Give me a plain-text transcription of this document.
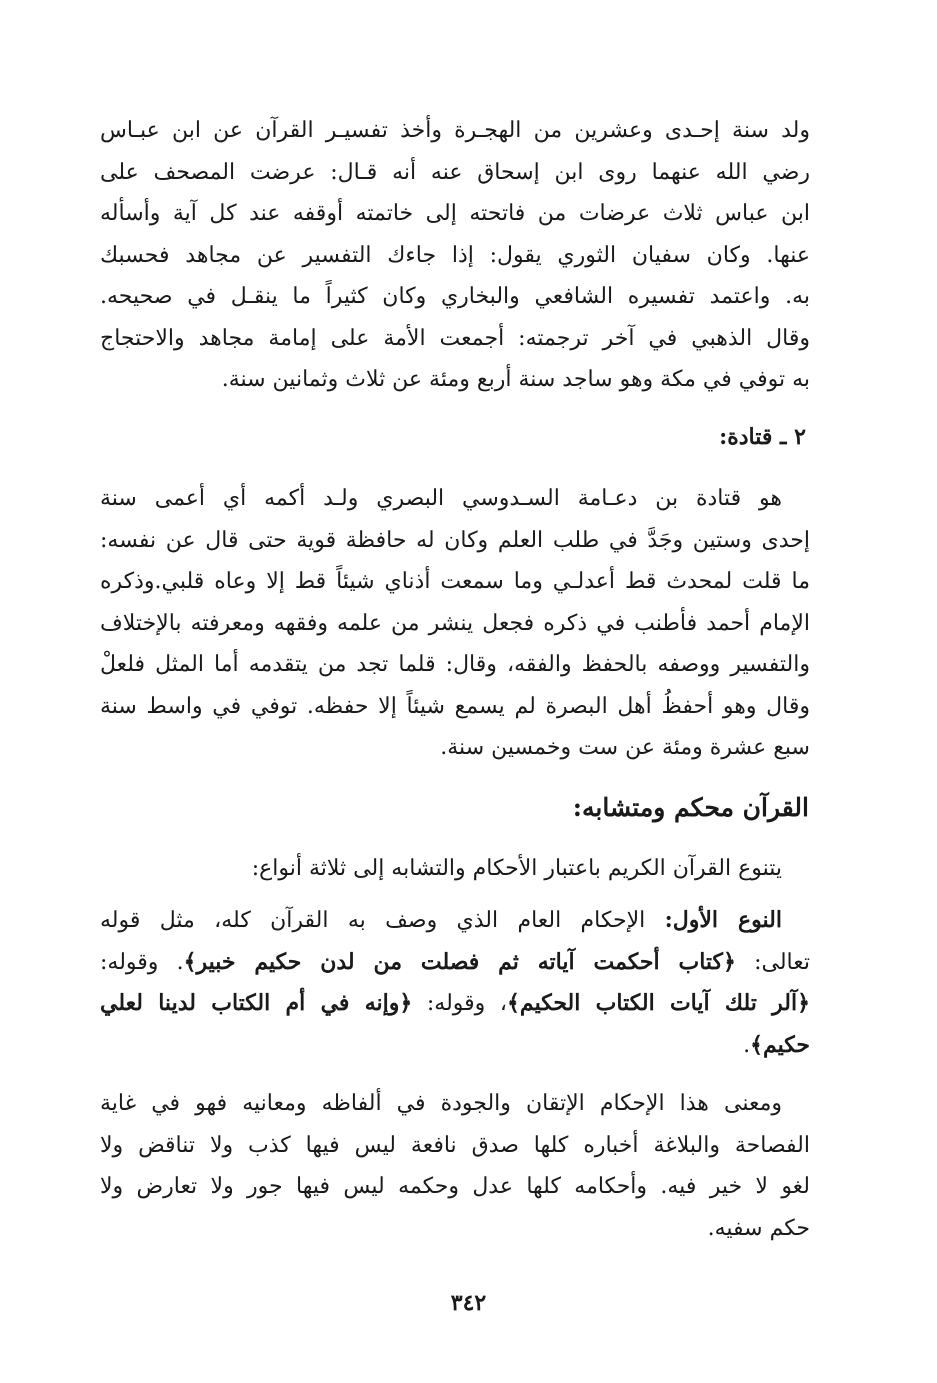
ولد سنة إحـدى وعشرين من الهجـرة وأخذ تفسيـر القرآن عن ابن عبـاس
رضي الله عنهما روى ابن إسحاق عنه أنه قـال: عرضت المصحف على
ابن عباس ثلاث عرضات من فاتحته إلى خاتمته أوقفه عند كل آية وأسأله
عنها. وكان سفيان الثوري يقول: إذا جاءك التفسير عن مجاهد فحسبك
به. واعتمد تفسيره الشافعي والبخاري وكان كثيراً ما ينقـل في صحيحه.
وقال الذهبي في آخر ترجمته: أجمعت الأمة على إمامة مجاهد والاحتجاج
به توفي في مكة وهو ساجد سنة أربع ومئة عن ثلاث وثمانين سنة.
٢ ـ قتادة:
هو قتادة بن دعـامة السـدوسي البصري ولـد أكمه أي أعمى سنة
إحدى وستين وجَدَّ في طلب العلم وكان له حافظة قوية حتى قال عن نفسه:
ما قلت لمحدث قط أعدلـي وما سمعت أذناي شيئاً قط إلا وعاه قلبي.وذكره
الإمام أحمد فأطنب في ذكره فجعل ينشر من علمه وفقهه ومعرفته بالإختلاف
والتفسير ووصفه بالحفظ والفقه، وقال: قلما تجد من يتقدمه أما المثل فلعلْ
وقال وهو أحفظُ أهل البصرة لم يسمع شيئاً إلا حفظه. توفي في واسط سنة
سبع عشرة ومئة عن ست وخمسين سنة.
القرآن محكم ومتشابه:
يتنوع القرآن الكريم باعتبار الأحكام والتشابه إلى ثلاثة أنواع:
النوع الأول: الإحكام العام الذي وصف به القرآن كله، مثل قوله
تعالى: ﴿كتاب أحكمت آياته ثم فصلت من لدن حكيم خبير﴾. وقوله:
﴿آلر تلك آيات الكتاب الحكيم﴾، وقوله: ﴿وإنه في أم الكتاب لدينا لعلي
حكيم﴾.
ومعنى هذا الإحكام الإتقان والجودة في ألفاظه ومعانيه فهو في غاية
الفصاحة والبلاغة أخباره كلها صدق نافعة ليس فيها كذب ولا تناقض ولا
لغو لا خير فيه. وأحكامه كلها عدل وحكمه ليس فيها جور ولا تعارض ولا
حكم سفيه.
٣٤٢
